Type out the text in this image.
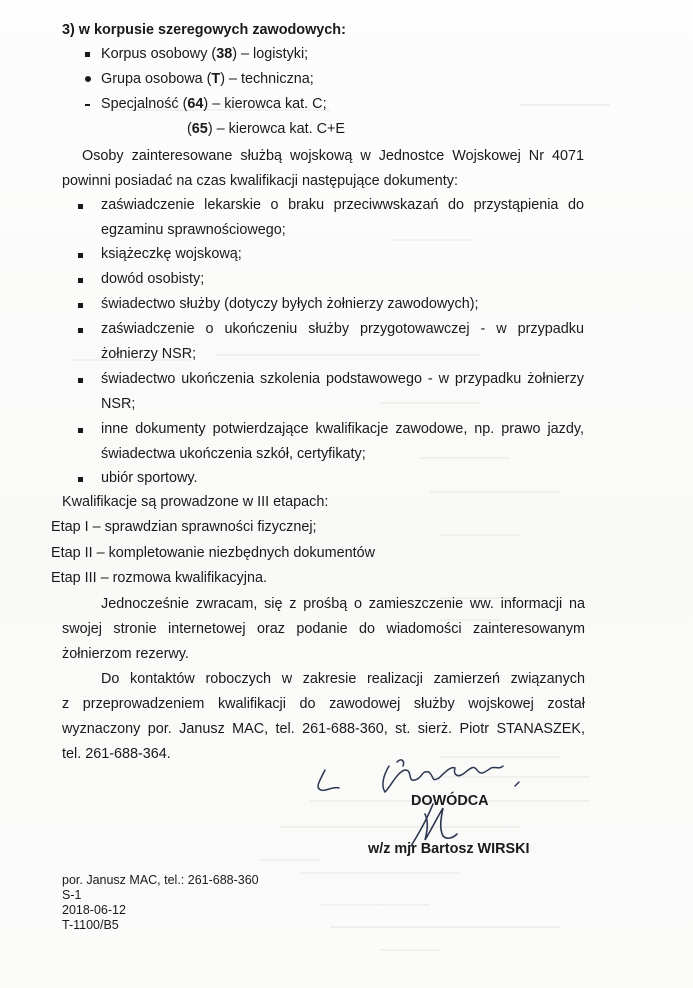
3) w korpusie szeregowych zawodowych:
Korpus osobowy (38) – logistyki;
Grupa osobowa (T) – techniczna;
Specjalność (64) – kierowca kat. C;
(65) – kierowca kat. C+E
Osoby zainteresowane służbą wojskową w Jednostce Wojskowej Nr 4071
powinni posiadać na czas kwalifikacji następujące dokumenty:
zaświadczenie lekarskie o braku przeciwwskazań do przystąpienia do
egzaminu sprawnościowego;
książeczkę wojskową;
dowód osobisty;
świadectwo służby (dotyczy byłych żołnierzy zawodowych);
zaświadczenie o ukończeniu służby przygotowawczej - w przypadku
żołnierzy NSR;
świadectwo ukończenia szkolenia podstawowego - w przypadku żołnierzy
NSR;
inne dokumenty potwierdzające kwalifikacje zawodowe, np. prawo jazdy,
świadectwa ukończenia szkół, certyfikaty;
ubiór sportowy.
Kwalifikacje są prowadzone w III etapach:
Etap I – sprawdzian sprawności fizycznej;
Etap II – kompletowanie niezbędnych dokumentów
Etap III – rozmowa kwalifikacyjna.
Jednocześnie zwracam, się z prośbą o zamieszczenie ww. informacji na
swojej stronie internetowej oraz podanie do wiadomości zainteresowanym
żołnierzom rezerwy.
Do kontaktów roboczych w zakresie realizacji zamierzeń związanych
z przeprowadzeniem kwalifikacji do zawodowej służby wojskowej został
wyznaczony por. Janusz MAC, tel. 261-688-360, st. sierż. Piotr STANASZEK,
tel. 261-688-364.
DOWÓDCA
w/z mjr Bartosz WIRSKI
por. Janusz MAC, tel.: 261-688-360
S-1
2018-06-12
T-1100/B5
